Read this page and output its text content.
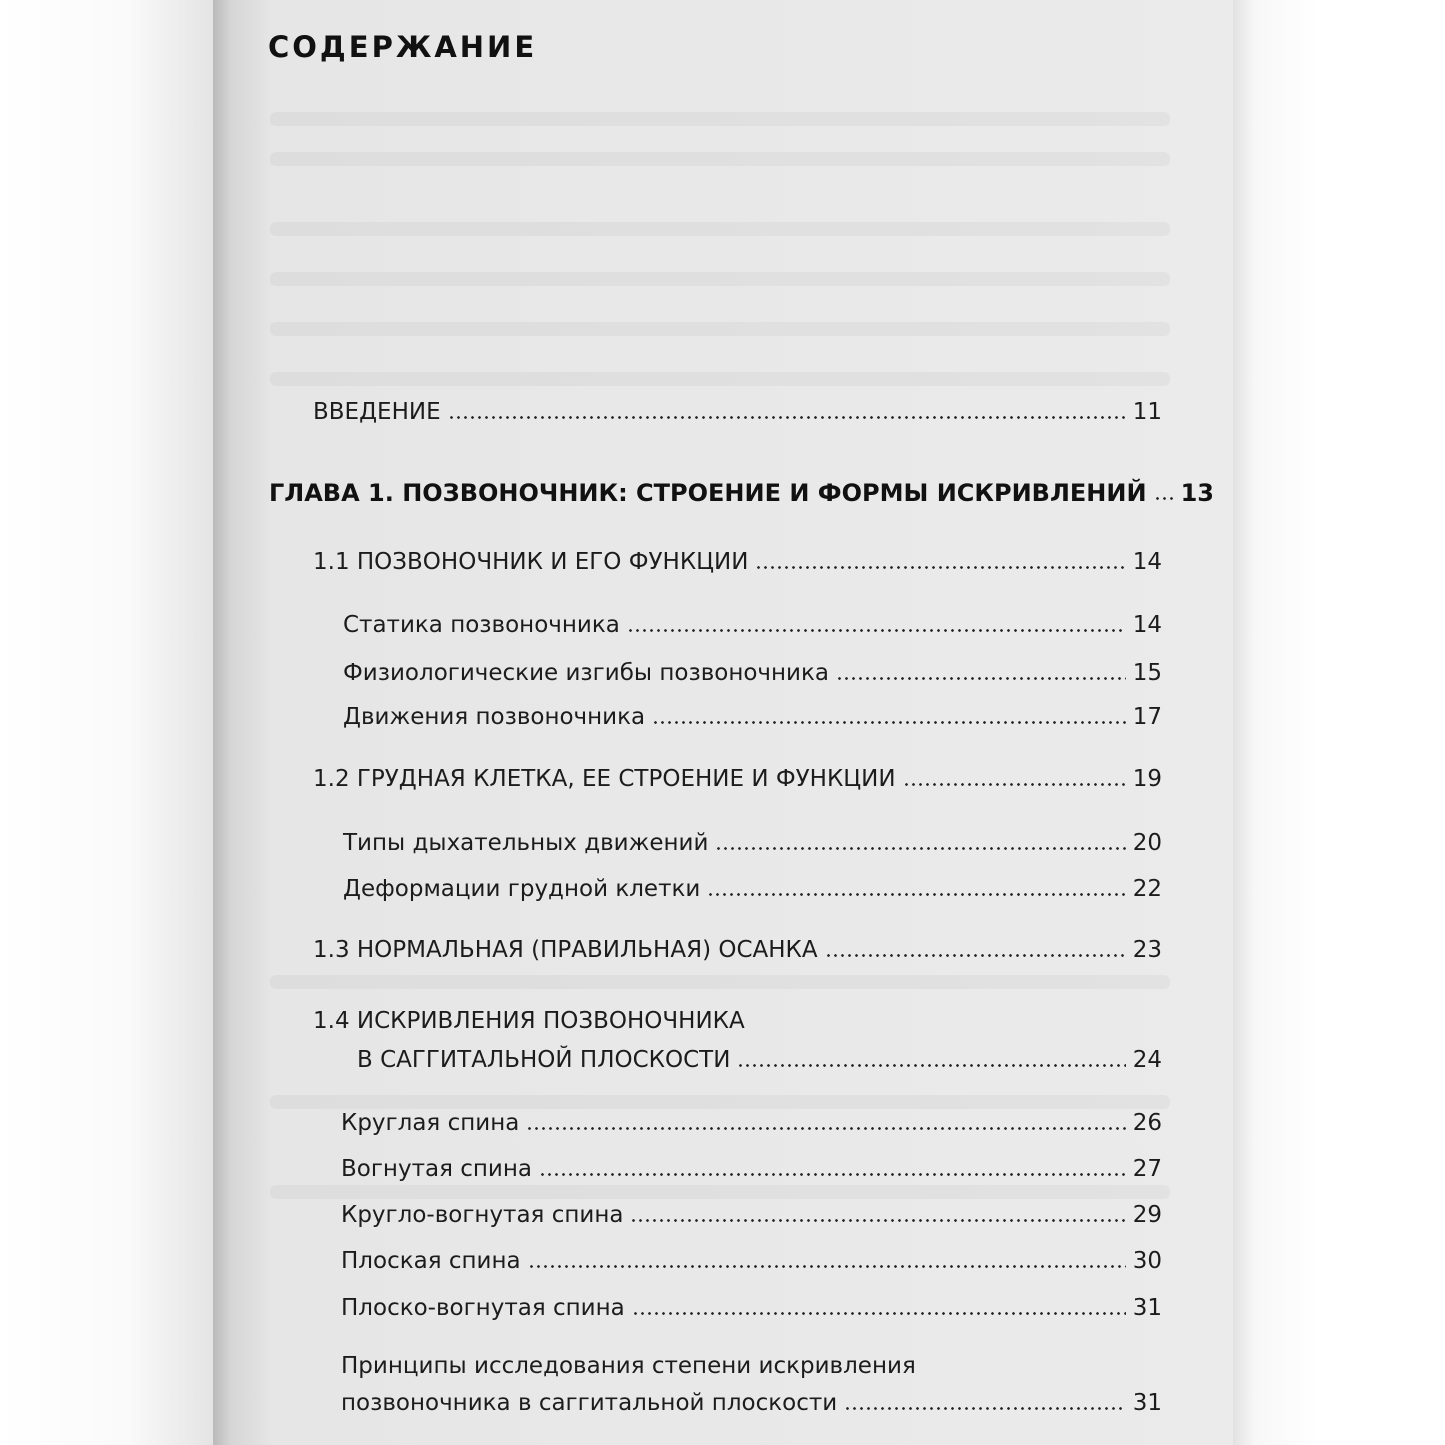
СОДЕРЖАНИЕ
ВВЕДЕНИЕ	11
ГЛАВА 1. ПОЗВОНОЧНИК: СТРОЕНИЕ И ФОРМЫ ИСКРИВЛЕНИЙ 13
1.1 ПОЗВОНОЧНИК И ЕГО ФУНКЦИИ	14
Статика позвоночника	14
Физиологические изгибы позвоночника	15
Движения позвоночника	17
1.2 ГРУДНАЯ КЛЕТКА, ЕЕ СТРОЕНИЕ И ФУНКЦИИ	19
Типы дыхательных движений	20
Деформации грудной клетки	22
1.3 НОРМАЛЬНАЯ (ПРАВИЛЬНАЯ) ОСАНКА	23
1.4 ИСКРИВЛЕНИЯ ПОЗВОНОЧНИКА
В САГГИТАЛЬНОЙ ПЛОСКОСТИ	24
Круглая спина	26
Вогнутая спина	27
Кругло-вогнутая спина	29
Плоская спина	30
Плоско-вогнутая спина	31
Принципы исследования степени искривления
позвоночника в саггитальной плоскости	31
